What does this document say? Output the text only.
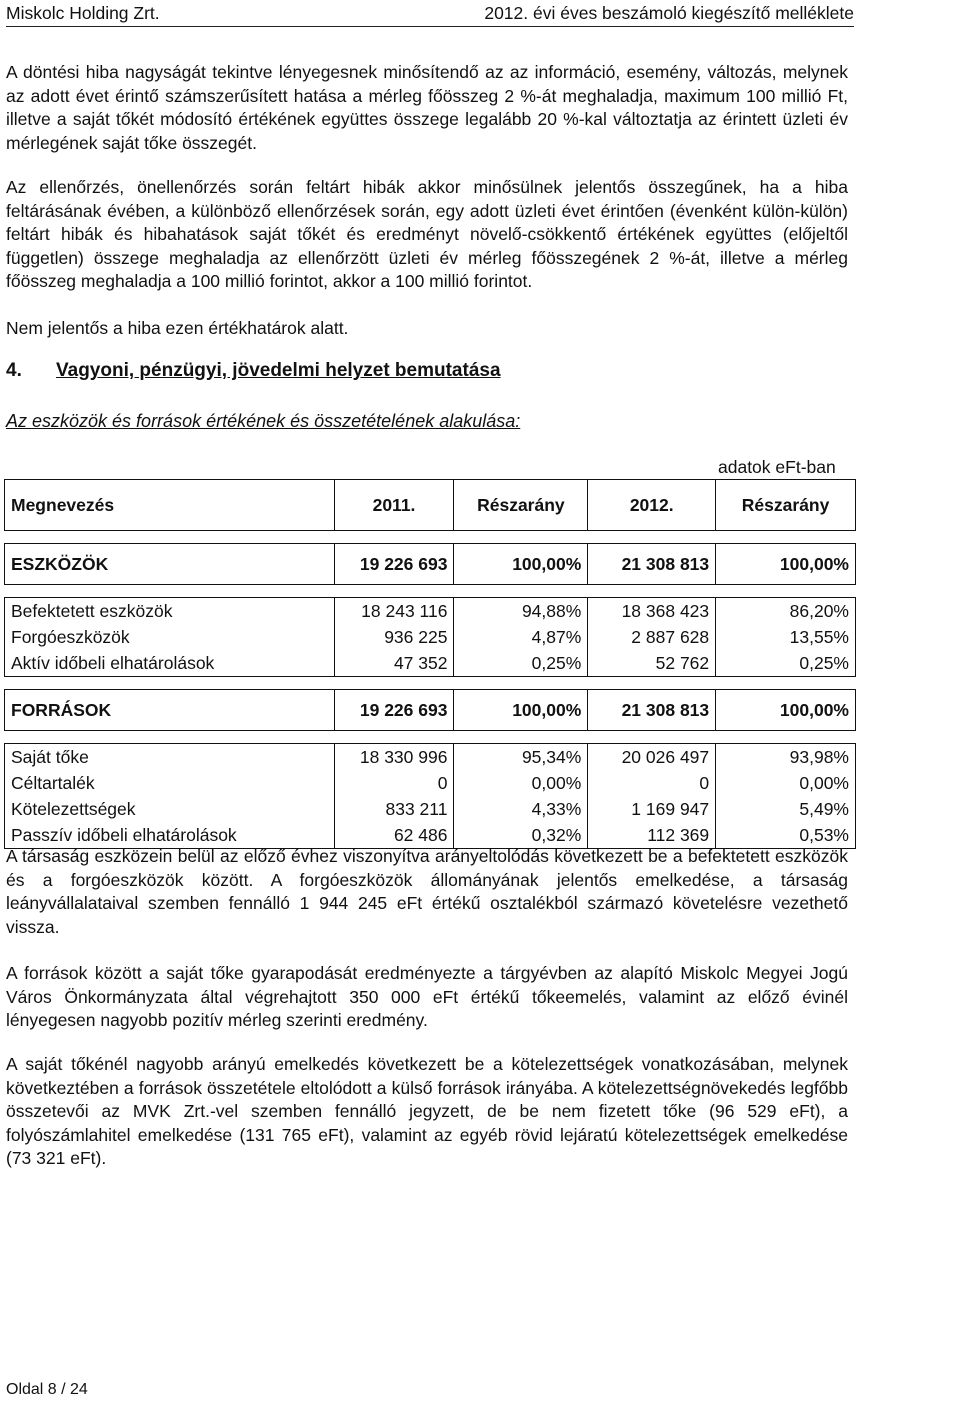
Miskolc Holding Zrt.	2012. évi éves beszámoló kiegészítő melléklete

A döntési hiba nagyságát tekintve lényegesnek minősítendő az az információ, esemény, változás, melynek az adott évet érintő számszerűsített hatása a mérleg főösszeg 2 %-át meghaladja, maximum 100 millió Ft, illetve a saját tőkét módosító értékének együttes összege legalább 20 %-kal változtatja az érintett üzleti év mérlegének saját tőke összegét.

Az ellenőrzés, önellenőrzés során feltárt hibák akkor minősülnek jelentős összegűnek, ha a hiba feltárásának évében, a különböző ellenőrzések során, egy adott üzleti évet érintően (évenként külön-külön) feltárt hibák és hibahatások saját tőkét és eredményt növelő-csökkentő értékének együttes (előjeltől független) összege meghaladja az ellenőrzött üzleti év mérleg főösszegének 2 %-át, illetve a mérleg főösszeg meghaladja a 100 millió forintot, akkor a 100 millió forintot.

Nem jelentős a hiba ezen értékhatárok alatt.

4. Vagyoni, pénzügyi, jövedelmi helyzet bemutatása
Az eszközök és források értékének és összetételének alakulása:
adatok eFt-ban
Megnevezés	2011.	Részarány	2012.	Részarány

ESZKÖZÖK	19 226 693	100,00%	21 308 813	100,00%

Befektetett eszközök	18 243 116	94,88%	18 368 423	86,20%
Forgóeszközök	936 225	4,87%	2 887 628	13,55%
Aktív időbeli elhatárolások	47 352	0,25%	52 762	0,25%

FORRÁSOK	19 226 693	100,00%	21 308 813	100,00%

Saját tőke	18 330 996	95,34%	20 026 497	93,98%
Céltartalék	0	0,00%	0	0,00%
Kötelezettségek	833 211	4,33%	1 169 947	5,49%
Passzív időbeli elhatárolások	62 486	0,32%	112 369	0,53%

A társaság eszközein belül az előző évhez viszonyítva arányeltolódás következett be a befektetett eszközök és a forgóeszközök között. A forgóeszközök állományának jelentős emelkedése, a társaság leányvállalataival szemben fennálló 1 944 245 eFt értékű osztalékból származó követelésre vezethető vissza.

A források között a saját tőke gyarapodását eredményezte a tárgyévben az alapító Miskolc Megyei Jogú Város Önkormányzata által végrehajtott 350 000 eFt értékű tőkeemelés, valamint az előző évinél lényegesen nagyobb pozitív mérleg szerinti eredmény.

A saját tőkénél nagyobb arányú emelkedés következett be a kötelezettségek vonatkozásában, melynek következtében a források összetétele eltolódott a külső források irányába. A kötelezettségnövekedés legfőbb összetevői az MVK Zrt.-vel szemben fennálló jegyzett, de be nem fizetett tőke (96 529 eFt), a folyószámlahitel emelkedése (131 765 eFt), valamint az egyéb rövid lejáratú kötelezettségek emelkedése (73 321 eFt).

Oldal 8 / 24
